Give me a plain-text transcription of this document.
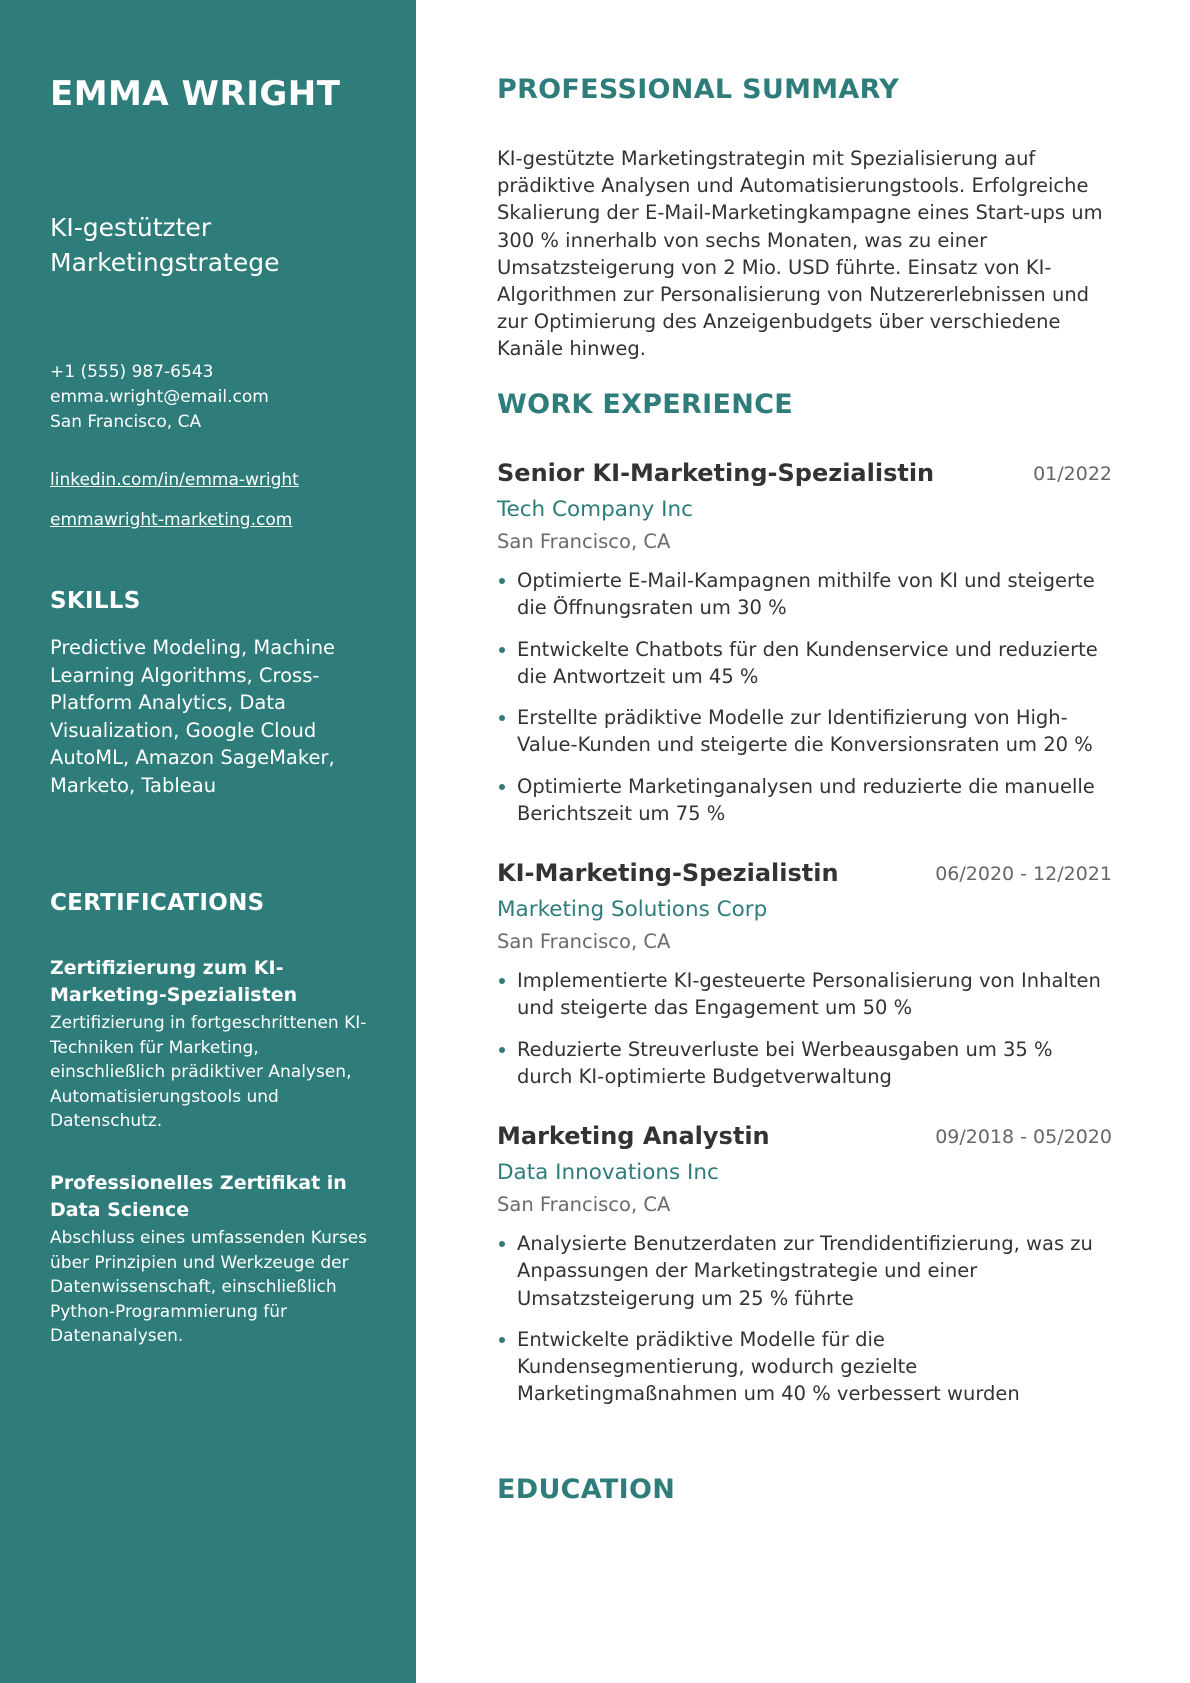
EMMA WRIGHT
KI-gestützter Marketingstratege
+1 (555) 987-6543
emma.wright@email.com
San Francisco, CA
linkedin.com/in/emma-wright
emmawright-marketing.com
SKILLS

Predictive Modeling, Machine Learning Algorithms, Cross-Platform Analytics, Data Visualization, Google Cloud AutoML, Amazon SageMaker, Marketo, Tableau

CERTIFICATIONS
Zertifizierung zum KI-Marketing-Spezialisten
Zertifizierung in fortgeschrittenen KI-Techniken für Marketing, einschließlich prädiktiver Analysen, Automatisierungstools und Datenschutz.
Professionelles Zertifikat in Data Science
Abschluss eines umfassenden Kurses über Prinzipien und Werkzeuge der Datenwissenschaft, einschließlich Python-Programmierung für Datenanalysen.
PROFESSIONAL SUMMARY

KI-gestützte Marketingstrategin mit Spezialisierung auf prädiktive Analysen und Automatisierungstools. Erfolgreiche Skalierung der E-Mail-Marketingkampagne eines Start-ups um 300 % innerhalb von sechs Monaten, was zu einer Umsatzsteigerung von 2 Mio. USD führte. Einsatz von KI-Algorithmen zur Personalisierung von Nutzererlebnissen und zur Optimierung des Anzeigenbudgets über verschiedene Kanäle hinweg.

WORK EXPERIENCE
Senior KI-Marketing-Spezialistin	01/2022
Tech Company Inc
San Francisco, CA
Optimierte E-Mail-Kampagnen mithilfe von KI und steigerte die Öffnungsraten um 30 %
Entwickelte Chatbots für den Kundenservice und reduzierte die Antwortzeit um 45 %
Erstellte prädiktive Modelle zur Identifizierung von High-Value-Kunden und steigerte die Konversionsraten um 20 %
Optimierte Marketinganalysen und reduzierte die manuelle Berichtszeit um 75 %
KI-Marketing-Spezialistin	06/2020 - 12/2021
Marketing Solutions Corp
San Francisco, CA
Implementierte KI-gesteuerte Personalisierung von Inhalten und steigerte das Engagement um 50 %
Reduzierte Streuverluste bei Werbeausgaben um 35 % durch KI-optimierte Budgetverwaltung
Marketing Analystin	09/2018 - 05/2020
Data Innovations Inc
San Francisco, CA
Analysierte Benutzerdaten zur Trendidentifizierung, was zu Anpassungen der Marketingstrategie und einer Umsatzsteigerung um 25 % führte
Entwickelte prädiktive Modelle für die Kundensegmentierung, wodurch gezielte Marketingmaßnahmen um 40 % verbessert wurden
EDUCATION
